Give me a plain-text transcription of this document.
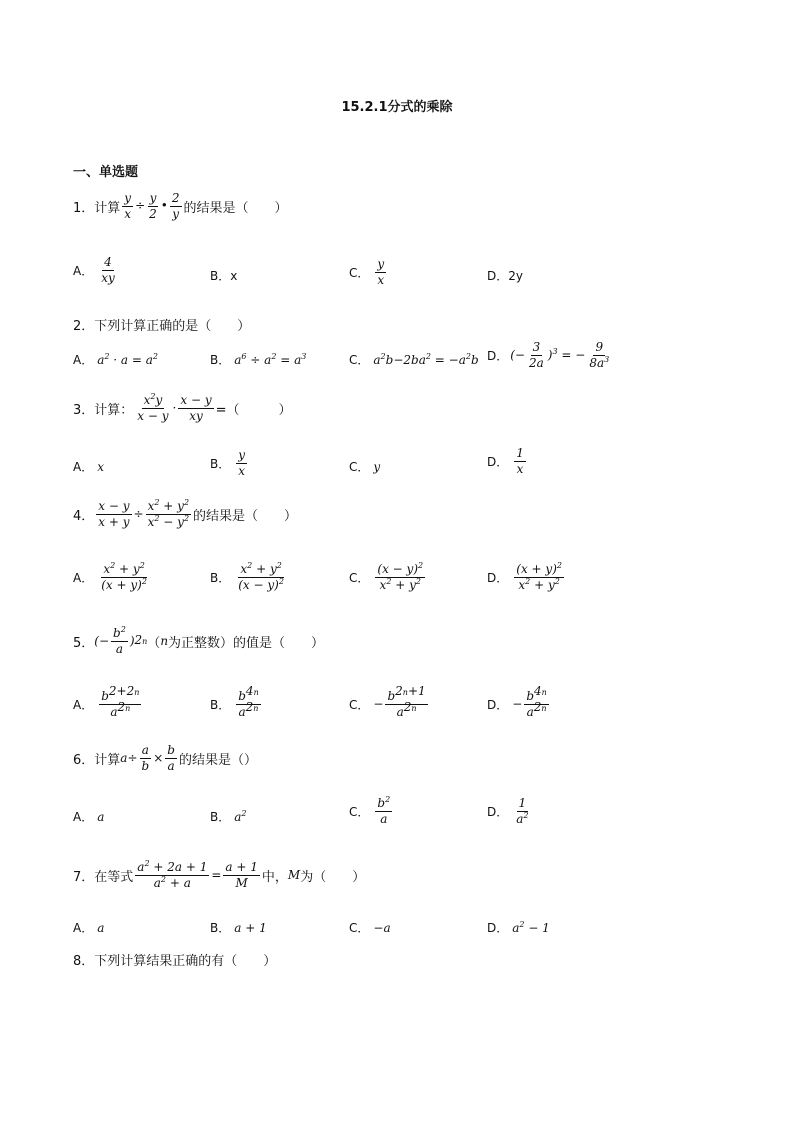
15.2.1分式的乘除
一、单选题
1． 计算 $\frac{y}{x} \div \frac{y}{2}$ • $\frac{2}{y}$ 的结果是（　　）
A． $\frac{4}{xy}$	B．x	C． $\frac{y}{x}$	D．2y
2．下列计算正确的是（　　）
A． $a^2 \cdot a = a^2$	B． $a^6 \div a^2 = a^3$	C． $a^2b-2ba^2 = -a^2b$ D． (− $\frac{3}{2a} )^3$ = − $\frac{9}{8a^3}$
3．计算： $\frac{x^2y}{x - y} \cdot \frac{x - y}{xy}$ =（　　　）
A． x	B． $\frac{y}{x}$	C． y	D． $\frac{1}{x}$
4． $\frac{x - y}{x + y} \div \frac{x^2 + y^2}{x^2 - y^2}$ 的结果是（　　）
A． $\frac{x^2 + y^2}{(x + y)^2}$	B． $\frac{x^2 + y^2}{(x - y)^2}$	C． $\frac{(x - y)^2}{x^2 + y^2}$	D． $\frac{(x + y)^2}{x^2 + y^2}$
5． (− $\frac{b^2}{a}$ ) 2n （ n 为正整数）的值是（　　）
A． $\frac{b^{2+2n}}{a^{2n}}$	B． $\frac{b^{4n}}{a^{2n}}$	C． − $\frac{b^{2n+1}}{a^{2n}}$	D． − $\frac{b^{4n}}{a^{2n}}$
6．计算 $a \div \frac{a}{b} \times \frac{b}{a}$ 的结果是（）
A． a	B． $a^2$	C． $\frac{b^2}{a}$	D． $\frac{1}{a^2}$
7．在等式 $\frac{a^2 + 2a + 1}{a^2 + a} = \frac{a + 1}{M}$ 中， M 为（　　）
A． a	B． a + 1	C． −a	D． $a^2 - 1$
8．下列计算结果正确的有（　　）
